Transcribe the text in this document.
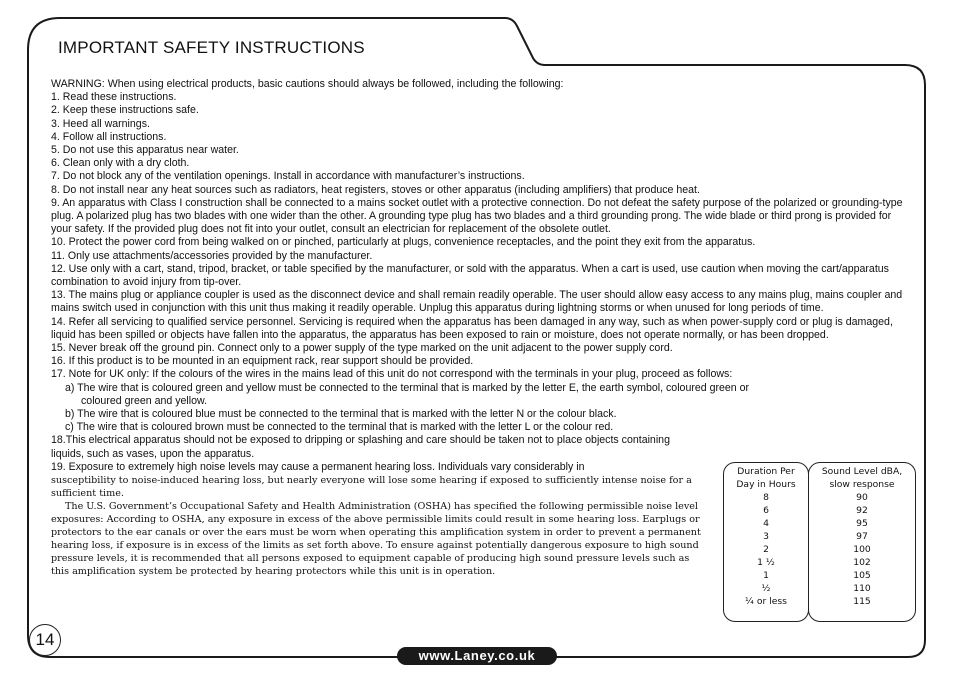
IMPORTANT SAFETY INSTRUCTIONS

WARNING: When using electrical products, basic cautions should always be followed, including the following:

1. Read these instructions.

2. Keep these instructions safe.

3. Heed all warnings.

4. Follow all instructions.

5. Do not use this apparatus near water.

6. Clean only with a dry cloth.

7. Do not block any of the ventilation openings. Install in accordance with manufacturer’s instructions.

8. Do not install near any heat sources such as radiators, heat registers, stoves or other apparatus (including amplifiers) that produce heat.

9. An apparatus with Class I construction shall be connected to a mains socket outlet with a protective connection. Do not defeat the safety purpose of the polarized or grounding-type plug. A polarized plug has two blades with one wider than the other. A grounding type plug has two blades and a third grounding prong. The wide blade or third prong is provided for your safety. If the provided plug does not fit into your outlet, consult an electrician for replacement of the obsolete outlet.

10. Protect the power cord from being walked on or pinched, particularly at plugs, convenience receptacles, and the point they exit from the apparatus.

11. Only use attachments/accessories provided by the manufacturer.

12. Use only with a cart, stand, tripod, bracket, or table specified by the manufacturer, or sold with the apparatus. When a cart is used, use caution when moving the cart/apparatus combination to avoid injury from tip-over.

13. The mains plug or appliance coupler is used as the disconnect device and shall remain readily operable. The user should allow easy access to any mains plug, mains coupler and mains switch used in conjunction with this unit thus making it readily operable. Unplug this apparatus during lightning storms or when unused for long periods of time.

14. Refer all servicing to qualified service personnel. Servicing is required when the apparatus has been damaged in any way, such as when power-supply cord or plug is damaged, liquid has been spilled or objects have fallen into the apparatus, the apparatus has been exposed to rain or moisture, does not operate normally, or has been dropped.

15. Never break off the ground pin. Connect only to a power supply of the type marked on the unit adjacent to the power supply cord.

16. If this product is to be mounted in an equipment rack, rear support should be provided.

17. Note for UK only: If the colours of the wires in the mains lead of this unit do not correspond with the terminals in your plug, proceed as follows:

a) The wire that is coloured green and yellow must be connected to the terminal that is marked by the letter E, the earth symbol, coloured green or

coloured green and yellow.

b) The wire that is coloured blue must be connected to the terminal that is marked with the letter N or the colour black.

c) The wire that is coloured brown must be connected to the terminal that is marked with the letter L or the colour red.

18.This electrical apparatus should not be exposed to dripping or splashing and care should be taken not to place objects containing liquids, such as vases, upon the apparatus.

19. Exposure to extremely high noise levels may cause a permanent hearing loss. Individuals vary considerably in

susceptibility to noise-induced hearing loss, but nearly everyone will lose some hearing if exposed to sufficiently intense noise for a sufficient time.

The U.S. Government’s Occupational Safety and Health Administration (OSHA) has specified the following permissible noise level exposures: According to OSHA, any exposure in excess of the above permissible limits could result in some hearing loss. Earplugs or protectors to the ear canals or over the ears must be worn when operating this amplification system in order to prevent a permanent hearing loss, if exposure is in excess of the limits as set forth above. To ensure against potentially dangerous exposure to high sound pressure levels, it is recommended that all persons exposed to equipment capable of producing high sound pressure levels such as this amplification system be protected by hearing protectors while this unit is in operation.

Duration Per
Day in Hours
8
6
4
3
2
1 ½
1
½
¼ or less
Sound Level dBA,
slow response
90
92
95
97
100
102
105
110
115
14
www.Laney.co.uk
